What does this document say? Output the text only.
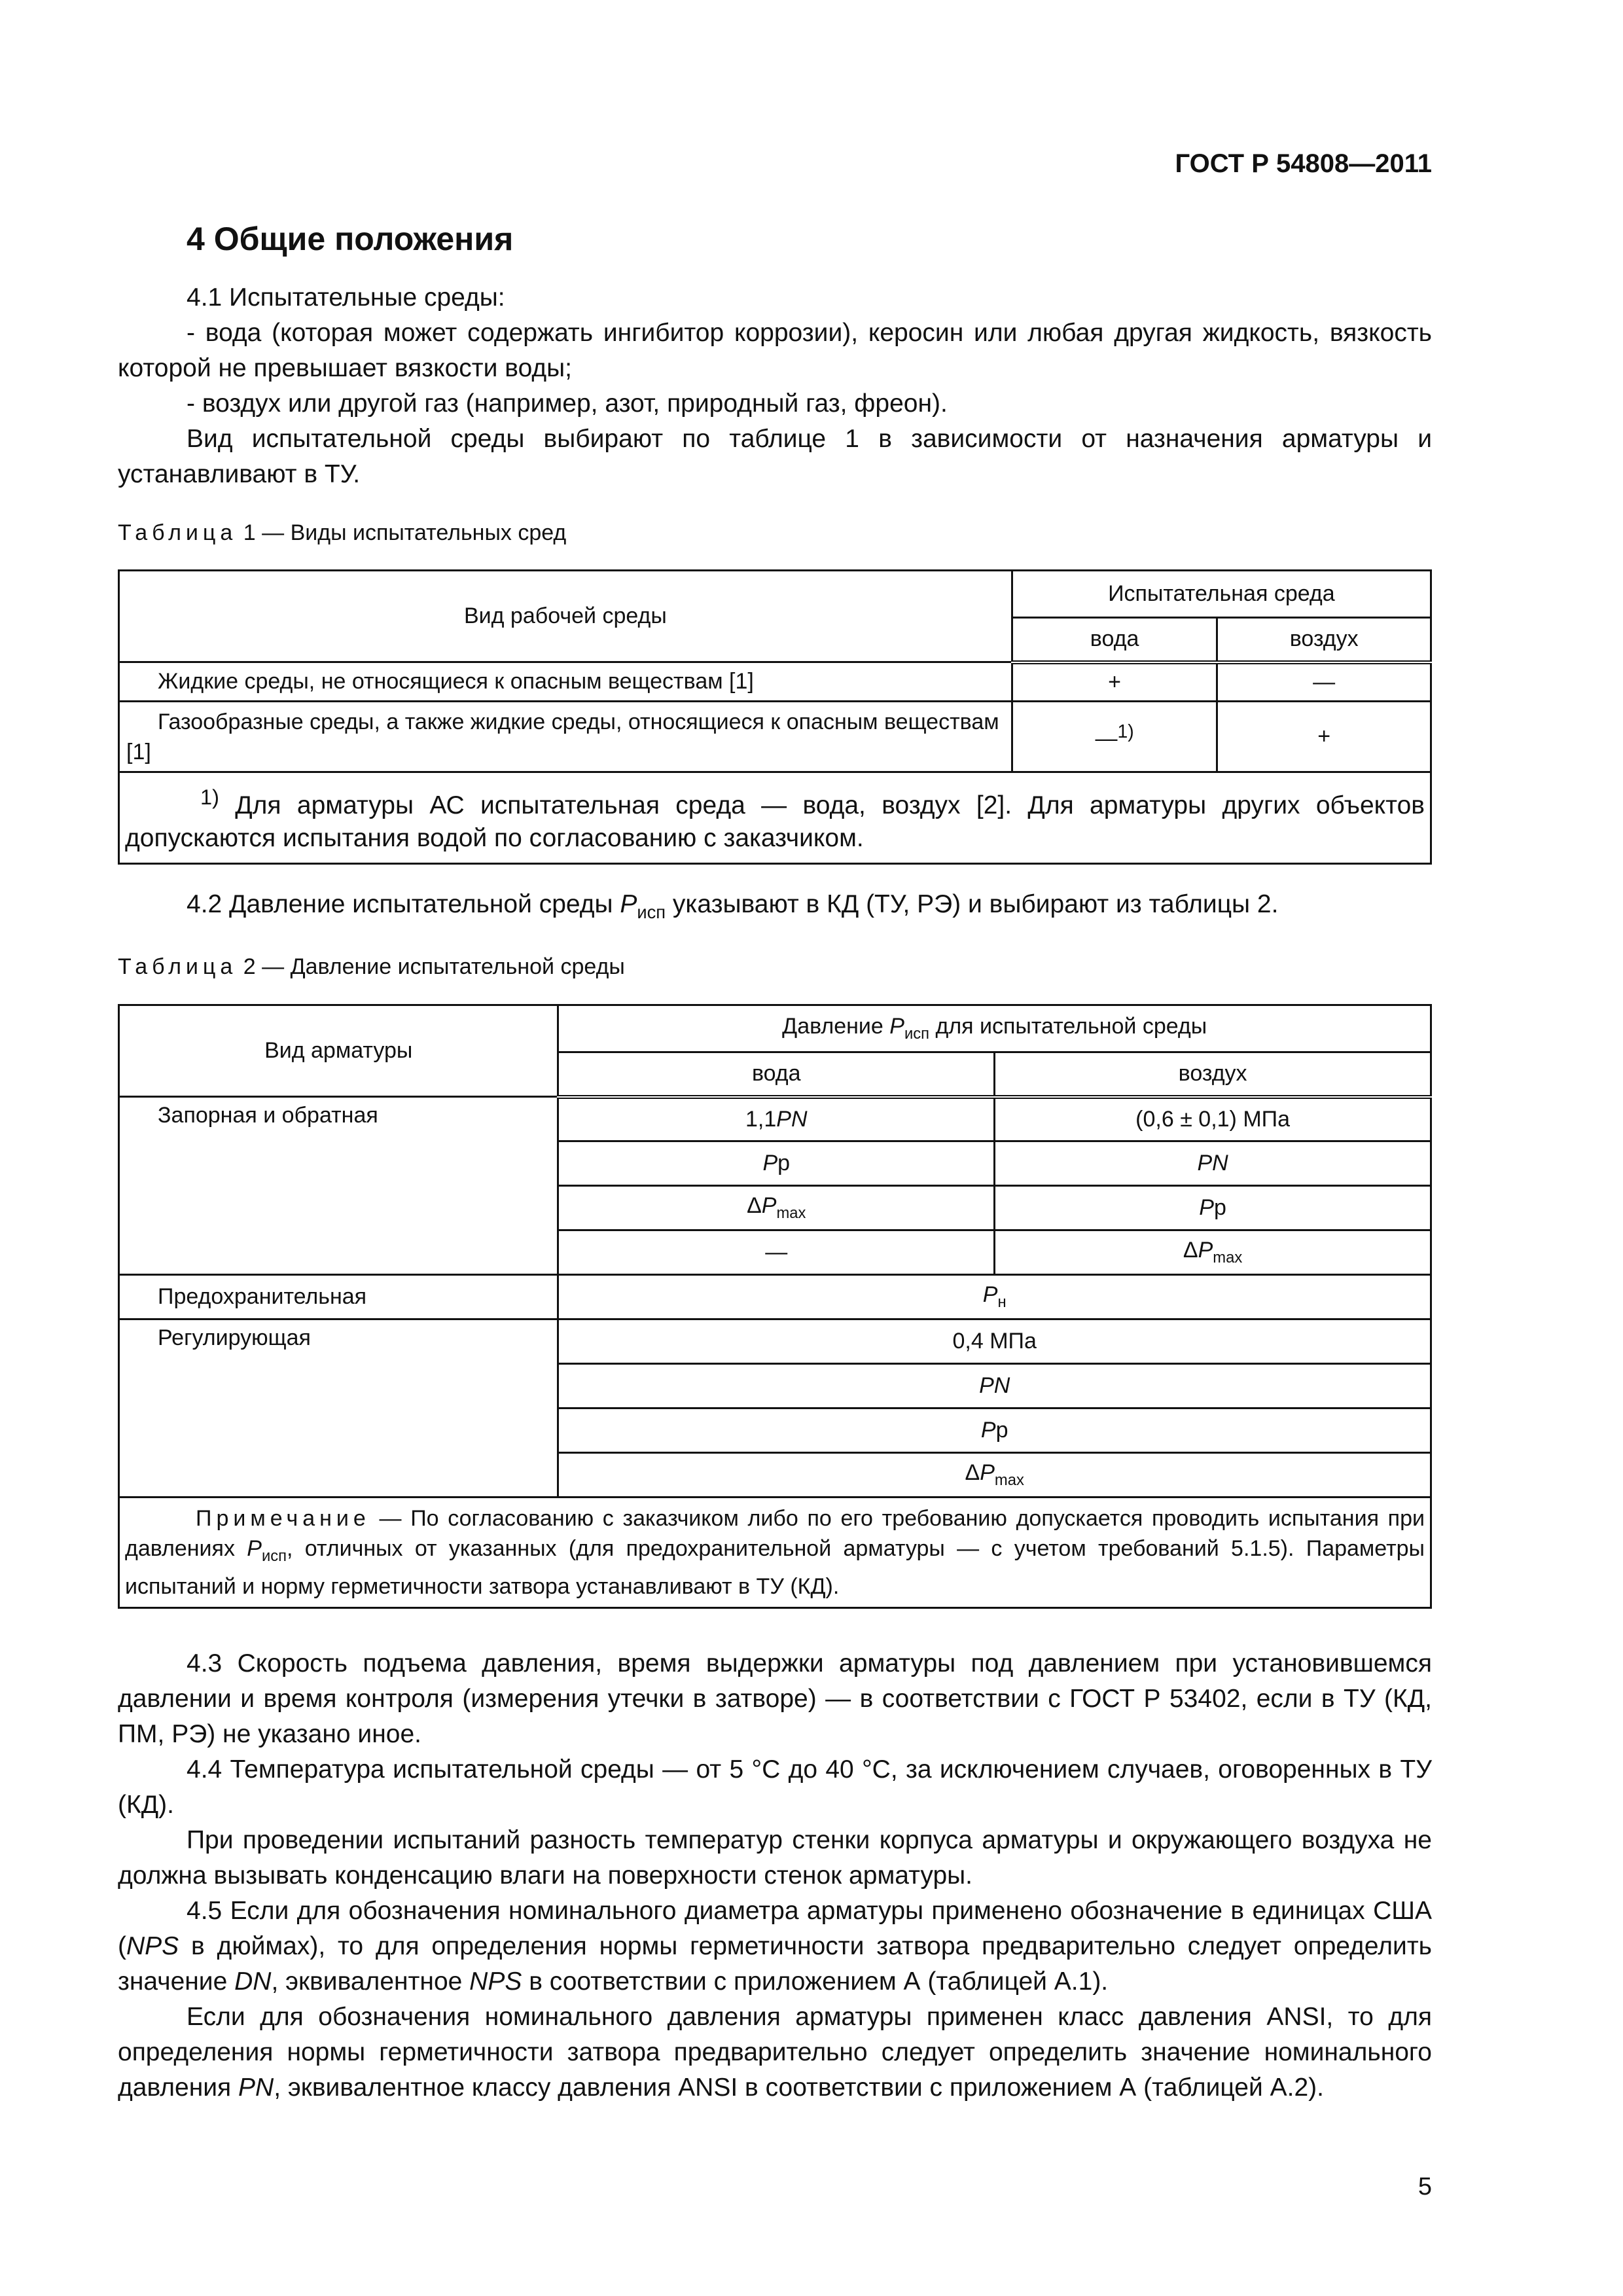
ГОСТ Р 54808—2011
4 Общие положения

4.1 Испытательные среды:

- вода (которая может содержать ингибитор коррозии), керосин или любая другая жидкость, вязкость которой не превышает вязкости воды;

- воздух или другой газ (например, азот, природный газ, фреон).

Вид испытательной среды выбирают по таблице 1 в зависимости от назначения арматуры и устанавливают в ТУ.

Таблица 1 — Виды испытательных сред
Вид рабочей среды	Испытательная среда	
	вода	воздух
Жидкие среды, не относящиеся к опасным веществам [1]	+	—
Газообразные среды, а также жидкие среды, относящиеся к опасным веществам [1]	—$^{1)}$	+
$^{1)}$ Для арматуры АС испытательная среда — вода, воздух [2]. Для арматуры других объектов допускаются испытания водой по согласованию с заказчиком.		

4.2 Давление испытательной среды $P_{исп}$ указывают в КД (ТУ, РЭ) и выбирают из таблицы 2.

Таблица 2 — Давление испытательной среды
Вид арматуры	Давление $P_{исп}$ для испытательной среды	
	вода	воздух
Запорная и обратная	1,1PN	(0,6 ± 0,1) МПа
	Pр	PN
	$\Delta P_{max}$	Pр
	—	$\Delta P_{max}$
Предохранительная	$P_н$
Регулирующая	0,4 МПа	
	PN	
	Pр	
	$\Delta P_{max}$
Примечание — По согласованию с заказчиком либо по его требованию допускается проводить испытания при давлениях $P_{исп}$, отличных от указанных (для предохранительной арматуры — с учетом требований 5.1.5). Параметры испытаний и норму герметичности затвора устанавливают в ТУ (КД).		

4.3 Скорость подъема давления, время выдержки арматуры под давлением при установившемся давлении и время контроля (измерения утечки в затворе) — в соответствии с ГОСТ Р 53402, если в ТУ (КД, ПМ, РЭ) не указано иное.

4.4 Температура испытательной среды — от 5 °С до 40 °С, за исключением случаев, оговоренных в ТУ (КД).

При проведении испытаний разность температур стенки корпуса арматуры и окружающего воздуха не должна вызывать конденсацию влаги на поверхности стенок арматуры.

4.5 Если для обозначения номинального диаметра арматуры применено обозначение в единицах США (NPS в дюймах), то для определения нормы герметичности затвора предварительно следует определить значение DN, эквивалентное NPS в соответствии с приложением А (таблицей А.1).

Если для обозначения номинального давления арматуры применен класс давления ANSI, то для определения нормы герметичности затвора предварительно следует определить значение номинального давления PN, эквивалентное классу давления ANSI в соответствии с приложением А (таблицей А.2).

5
